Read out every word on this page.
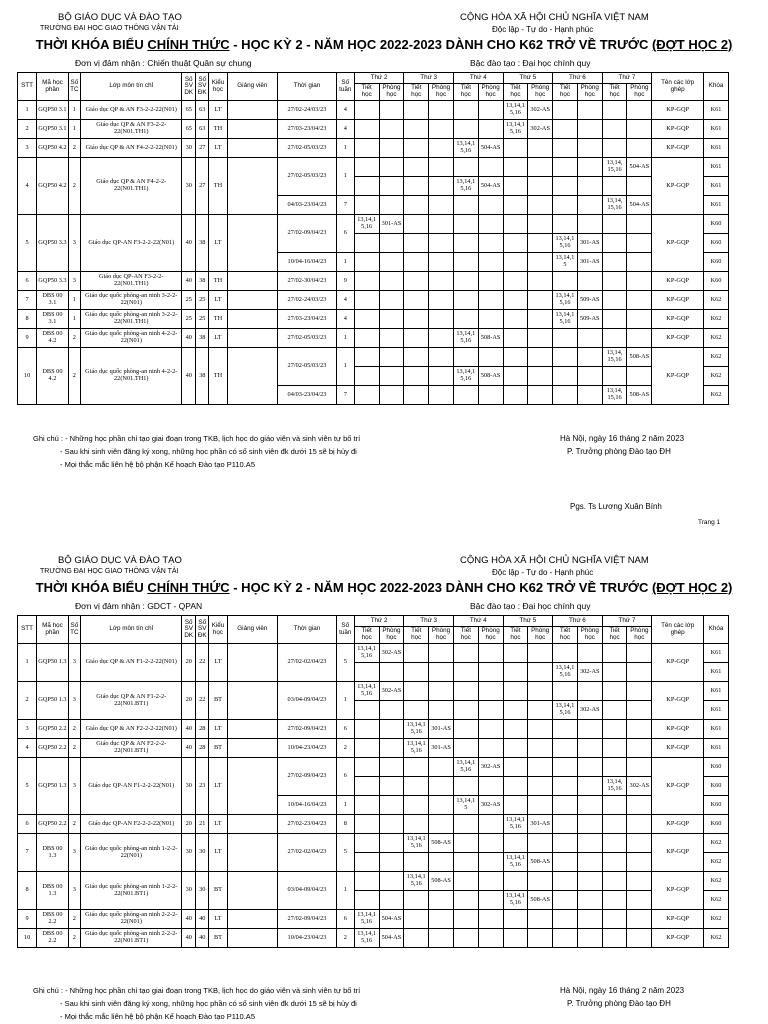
BỘ GIÁO DỤC VÀ ĐÀO TẠO
TRƯỜNG ĐẠI HỌC GIAO THÔNG VẬN TẢI
CỘNG HÒA XÃ HỘI CHỦ NGHĨA VIỆT NAM
Độc lập - Tự do - Hạnh phúc
THỜI KHÓA BIỂU CHÍNH THỨC - HỌC KỲ 2 - NĂM HỌC 2022-2023 DÀNH CHO K62 TRỞ VỀ TRƯỚC (ĐỢT HỌC 2)
Đơn vị đảm nhận : Chiến thuật Quân sự chung	Bậc đào tạo : Đại học chính quy
STT	Mã học phần	Số TC	Lớp môn tín chỉ	Số SV DK	Số SV ĐK	Kiểu học	Giảng viên	Thời gian	Số tuần	Thứ 2		Thứ 3		Thứ 4		Thứ 5		Thứ 6		Thứ 7		Tên các lớp ghép	Khóa
										Tiết học	Phòng học	Tiết học	Phòng học	Tiết học	Phòng học	Tiết học	Phòng học	Tiết học	Phòng học	Tiết học	Phòng học		
1	GQP50 3.1	1	Giáo dục QP & AN F3-2-2-22(N01)	65	63	LT		27/02-24/03/23	4							13,14,1 5,16	302-AS					KP-GQP	K61
2	GQP50 3.1	1	Giáo dục QP & AN F3-2-2-22(N01.TH1)	65	63	TH		27/03-23/04/23	4							13,14,1 5,16	302-AS					KP-GQP	K61
3	GQP50 4.2	2	Giáo dục QP & AN F4-2-2-22(N01)	30	27	LT		27/02-05/03/23	1					13,14,1 5,16	504-AS							KP-GQP	K61
4	GQP50 4.2	2	Giáo dục QP & AN F4-2-2-22(N01.TH1)	30	27	TH		27/02-05/03/23	1											13,14, 15,16	504-AS	KP-GQP	K61
														13,14,1 5,16	504-AS								K61
								04/03-23/04/23	7											13,14, 15,16	504-AS		K61
5	GQP50 3.3	3	Giáo dục QP-AN F3-2-2-22(N01)	40	38	LT		27/02-09/04/23	6	13,14,1 5,16	301-AS											KP-GQP	K60
																		13,14,1 5,16	301-AS				K60
								10/04-16/04/23	1									13,14,1 5	301-AS				K60
6	GQP50 3.3	3	Giáo dục QP-AN F3-2-2-22(N01.TH1)	40	38	TH		27/02-30/04/23	9													KP-GQP	K60
7	DBS 00 3.1	1	Giáo dục quốc phòng-an ninh 3-2-2-22(N01)	25	25	LT		27/02-24/03/23	4									13,14,1 5,16	509-AS			KP-GQP	K62
8	DBS 00 3.1	1	Giáo dục quốc phòng-an ninh 3-2-2-22(N01.TH1)	25	25	TH		27/03-23/04/23	4									13,14,1 5,16	509-AS			KP-GQP	K62
9	DBS 00 4.2	2	Giáo dục quốc phòng-an ninh 4-2-2-22(N01)	40	38	LT		27/02-05/03/23	1					13,14,1 5,16	508-AS							KP-GQP	K62
10	DBS 00 4.2	2	Giáo dục quốc phòng-an ninh 4-2-2-22(N01.TH1)	40	38	TH		27/02-05/03/23	1											13,14, 15,16	508-AS	KP-GQP	K62
														13,14,1 5,16	508-AS								K62
								04/03-23/04/23	7											13,14, 15,16	508-AS		K62
Ghi chú : - Những học phần chỉ tạo giai đoạn trong TKB, lịch học do giáo viên và sinh viên tự bố trí
- Sau khi sinh viên đăng ký xong, những học phần có số sinh viên đk dưới 15 sẽ bị hủy đi
- Mọi thắc mắc liên hệ bộ phận Kế hoạch Đào tạo P110.A5
Hà Nội, ngày 16 tháng 2 năm 2023
P. Trưởng phòng Đào tạo ĐH
Pgs. Ts Lương Xuân Bính
Trang 1
BỘ GIÁO DỤC VÀ ĐÀO TẠO
TRƯỜNG ĐẠI HỌC GIAO THÔNG VẬN TẢI
CỘNG HÒA XÃ HỘI CHỦ NGHĨA VIỆT NAM
Độc lập - Tự do - Hạnh phúc
THỜI KHÓA BIỂU CHÍNH THỨC - HỌC KỲ 2 - NĂM HỌC 2022-2023 DÀNH CHO K62 TRỞ VỀ TRƯỚC (ĐỢT HỌC 2)
Đơn vị đảm nhận : GDCT - QPAN	Bậc đào tạo : Đại học chính quy
STT	Mã học phần	Số TC	Lớp môn tín chỉ	Số SV DK	Số SV ĐK	Kiểu học	Giảng viên	Thời gian	Số tuần	Thứ 2		Thứ 3		Thứ 4		Thứ 5		Thứ 6		Thứ 7		Tên các lớp ghép	Khóa
										Tiết học	Phòng học	Tiết học	Phòng học	Tiết học	Phòng học	Tiết học	Phòng học	Tiết học	Phòng học	Tiết học	Phòng học		
1	GQP50 1.3	3	Giáo dục QP & AN F1-2-2-22(N01)	20	22	LT		27/02-02/04/23	5	13,14,1 5,16	302-AS											KP-GQP	K61
																		13,14,1 5,16	302-AS				K61
2	GQP50 1.3	3	Giáo dục QP & AN F1-2-2-22(N01.BT1)	20	22	BT		03/04-09/04/23	1	13,14,1 5,16	302-AS											KP-GQP	K61
																		13,14,1 5,16	302-AS				K61
3	GQP50 2.2	2	Giáo dục QP & AN F2-2-2-22(N01)	40	28	LT		27/02-09/04/23	6			13,14,1 5,16	301-AS									KP-GQP	K61
4	GQP50 2.2	2	Giáo dục QP & AN F2-2-2-22(N01.BT1)	40	28	BT		10/04-23/04/23	2			13,14,1 5,16	301-AS									KP-GQP	K61
5	GQP50 1.3	3	Giáo dục QP-AN F1-2-2-22(N01)	30	23	LT		27/02-09/04/23	6					13,14,1 5,16	302-AS							KP-GQP	K60
																				13,14, 15,16	302-AS		K60
								10/04-16/04/23	1					13,14,1 5	302-AS								K60
6	GQP50 2.2	2	Giáo dục QP-AN F2-2-2-22(N01)	20	21	LT		27/02-23/04/23	8							13,14,1 5,16	301-AS					KP-GQP	K60
7	DBS 00 1.3	3	Giáo dục quốc phòng-an ninh 1-2-2-22(N01)	30	30	LT		27/02-02/04/23	5			13,14,1 5,16	508-AS									KP-GQP	K62
																13,14,1 5,16	508-AS						K62
8	DBS 00 1.3	3	Giáo dục quốc phòng-an ninh 1-2-2-22(N01.BT1)	30	30	BT		03/04-09/04/23	1			13,14,1 5,16	508-AS									KP-GQP	K62
																13,14,1 5,16	508-AS						K62
9	DBS 00 2.2	2	Giáo dục quốc phòng-an ninh 2-2-2-22(N01)	40	40	LT		27/02-09/04/23	6	13,14,1 5,16	504-AS											KP-GQP	K62
10	DBS 00 2.2	2	Giáo dục quốc phòng-an ninh 2-2-2-22(N01.BT1)	40	40	BT		10/04-23/04/23	2	13,14,1 5,16	504-AS											KP-GQP	K62
Ghi chú : - Những học phần chỉ tạo giai đoạn trong TKB, lịch học do giáo viên và sinh viên tự bố trí
- Sau khi sinh viên đăng ký xong, những học phần có số sinh viên đk dưới 15 sẽ bị hủy đi
- Mọi thắc mắc liên hệ bộ phận Kế hoạch Đào tạo P110.A5
Hà Nội, ngày 16 tháng 2 năm 2023
P. Trưởng phòng Đào tạo ĐH
